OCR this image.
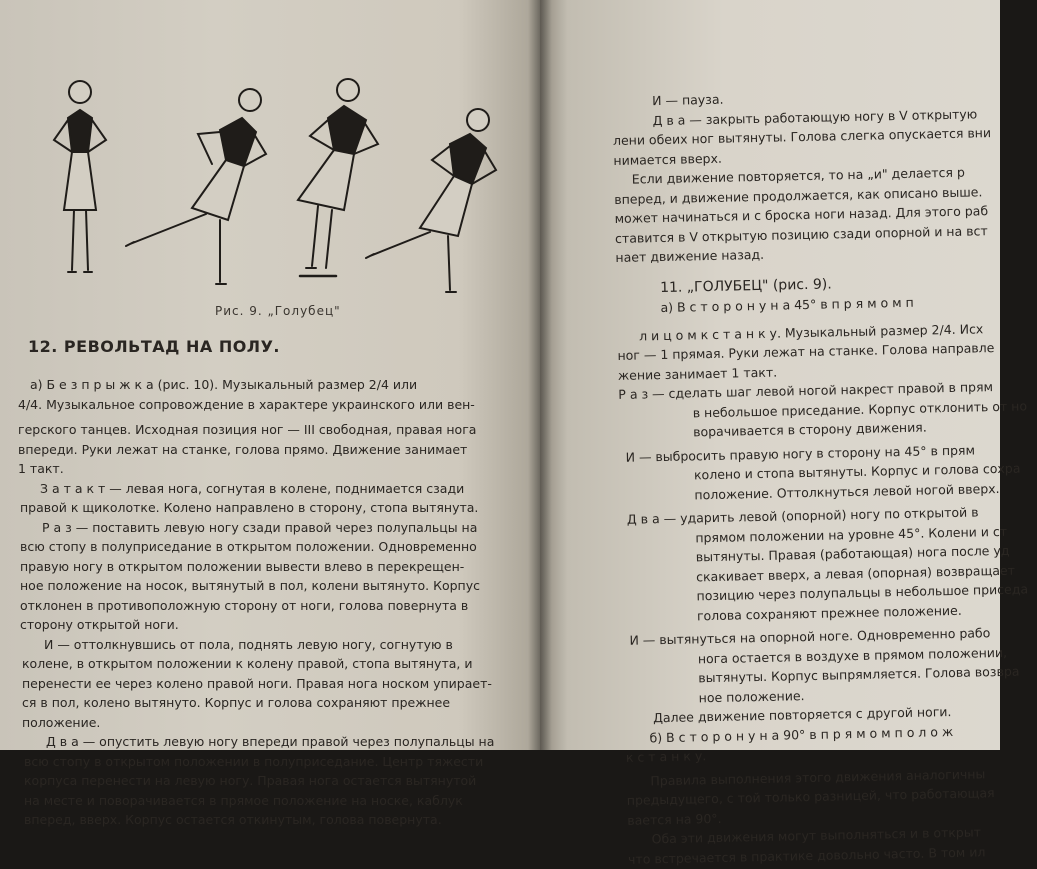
Рис. 9. „Голубец"
12. РЕВОЛЬТАД НА ПОЛУ.
а) Б е з п р ы ж к а (рис. 10). Музыкальный размер 2/4 или
4/4. Музыкальное сопровождение в характере украинского или вен-
герского танцев. Исходная позиция ног — III свободная, правая нога
впереди. Руки лежат на станке, голова прямо. Движение занимает
1 такт.
З а т а к т — левая нога, согнутая в колене, поднимается сзади
правой к щиколотке. Колено направлено в сторону, стопа вытянута.
Р а з — поставить левую ногу сзади правой через полупальцы на
всю стопу в полуприседание в открытом положении. Одновременно
правую ногу в открытом положении вывести влево в перекрещен-
ное положение на носок, вытянутый в пол, колени вытянуто. Корпус
отклонен в противоположную сторону от ноги, голова повернута в
сторону открытой ноги.
И — оттолкнувшись от пола, поднять левую ногу, согнутую в
колене, в открытом положении к колену правой, стопа вытянута, и
перенести ее через колено правой ноги. Правая нога носком упирает-
ся в пол, колено вытянуто. Корпус и голова сохраняют прежнее
положение.
Д в а — опустить левую ногу впереди правой через полупальцы на
всю стопу в открытом положении в полуприседание. Центр тяжести
корпуса перенести на левую ногу. Правая нога остается вытянутой
на месте и поворачивается в прямое положение на носке, каблук
вперед, вверх. Корпус остается откинутым, голова повернута.
И — пауза.
Д в а — закрыть работающую ногу в V открытую
лени обеих ног вытянуты. Голова слегка опускается вни
нимается вверх.
Если движение повторяется, то на „и" делается р
вперед, и движение продолжается, как описано выше.
может начинаться и с броска ноги назад. Для этого раб
ставится в V открытую позицию сзади опорной и на вст
нает движение назад.
11. „ГОЛУБЕЦ" (рис. 9).
а) В с т о р о н у н а 45° в п р я м о м п
л и ц о м к с т а н к у. Музыкальный размер 2/4. Исх
ног — 1 прямая. Руки лежат на станке. Голова направле
жение занимает 1 такт.
Р а з — сделать шаг левой ногой накрест правой в прям
в небольшое приседание. Корпус отклонить от но
ворачивается в сторону движения.
И — выбросить правую ногу в сторону на 45° в прям
колено и стопа вытянуты. Корпус и голова сохра
положение. Оттолкнуться левой ногой вверх.
Д в а — ударить левой (опорной) ногу по открытой в
прямом положении на уровне 45°. Колени и ст
вытянуты. Правая (работающая) нога после уд
скакивает вверх, а левая (опорная) возвращает
позицию через полупальцы в небольшое приседа
голова сохраняют прежнее положение.
И — вытянуться на опорной ноге. Одновременно рабо
нога остается в воздухе в прямом положении,
вытянуты. Корпус выпрямляется. Голова возвра
ное положение.
Далее движение повторяется с другой ноги.
б) В с т о р о н у н а 90° в п р я м о м п о л о ж
к с т а н к у.
Правила выполнения этого движения аналогичны
предыдущего, с той только разницей, что работающая
вается на 90°.
Оба эти движения могут выполняться и в открыт
что встречается в практике довольно часто. В том ил
